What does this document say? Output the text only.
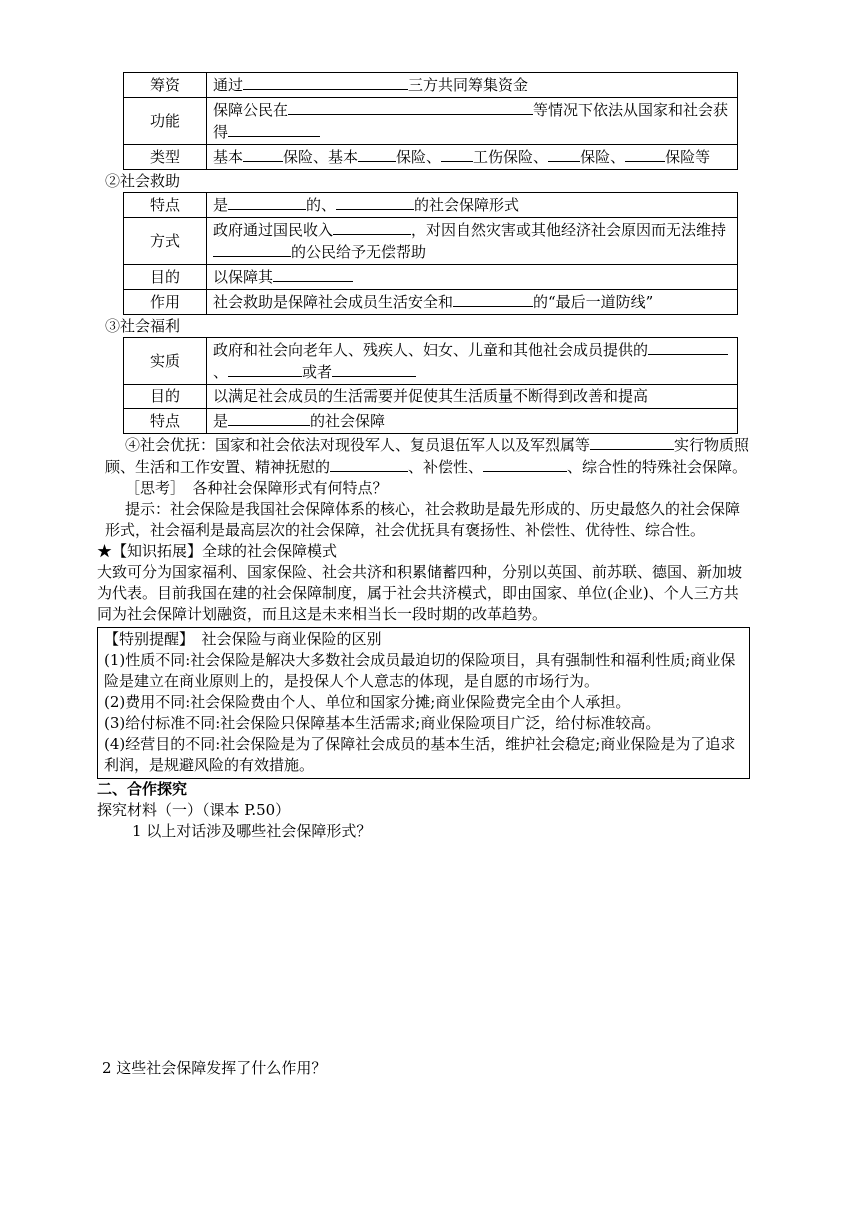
筹资	通过 三方共同筹集资金
功能	保障公民在 等情况下依法从国家和社会获得
类型	基本 保险、基本 保险、 工伤保险、 保险、 保险等

②社会救助

特点	是 的、 的社会保障形式
方式	政府通过国民收入 ，对因自然灾害或其他经济社会原因而无法维持的公民给予无偿帮助
目的	以保障其
作用	社会救助是保障社会成员生活安全和 的“最后一道防线”

③社会福利

实质	政府和社会向老年人、残疾人、妇女、儿童和其他社会成员提供的、 或者
目的	以满足社会成员的生活需要并促使其生活质量不断得到改善和提高
特点	是 的社会保障

④社会优抚：国家和社会依法对现役军人、复员退伍军人以及军烈属等	实行物质照顾、生活和工作安置、精神抚慰的	、补偿性、	、综合性的特殊社会保障。

［思考］　各种社会保障形式有何特点？

提示：社会保险是我国社会保障体系的核心，社会救助是最先形成的、历史最悠久的社会保障形式，社会福利是最高层次的社会保障，社会优抚具有褒扬性、补偿性、优待性、综合性。

★【知识拓展】全球的社会保障模式

大致可分为国家福利、国家保险、社会共济和积累储蓄四种，分别以英国、前苏联、德国、新加坡为代表。目前我国在建的社会保障制度，属于社会共济模式，即由国家、单位(企业)、个人三方共同为社会保障计划融资，而且这是未来相当长一段时期的改革趋势。

【特别提醒】　 社会保险与商业保险的区别

(1)性质不同:社会保险是解决大多数社会成员最迫切的保险项目，具有强制性和福利性质;商业保险是建立在商业原则上的，是投保人个人意志的体现，是自愿的市场行为。

(2)费用不同:社会保险费由个人、单位和国家分摊;商业保险费完全由个人承担。

(3)给付标准不同:社会保险只保障基本生活需求;商业保险项目广泛，给付标准较高。

(4)经营目的不同:社会保险是为了保障社会成员的基本生活，维护社会稳定;商业保险是为了追求利润，是规避风险的有效措施。

二、合作探究

探究材料（一）（课本 P.50）

1 以上对话涉及哪些社会保障形式？

2 这些社会保障发挥了什么作用？
